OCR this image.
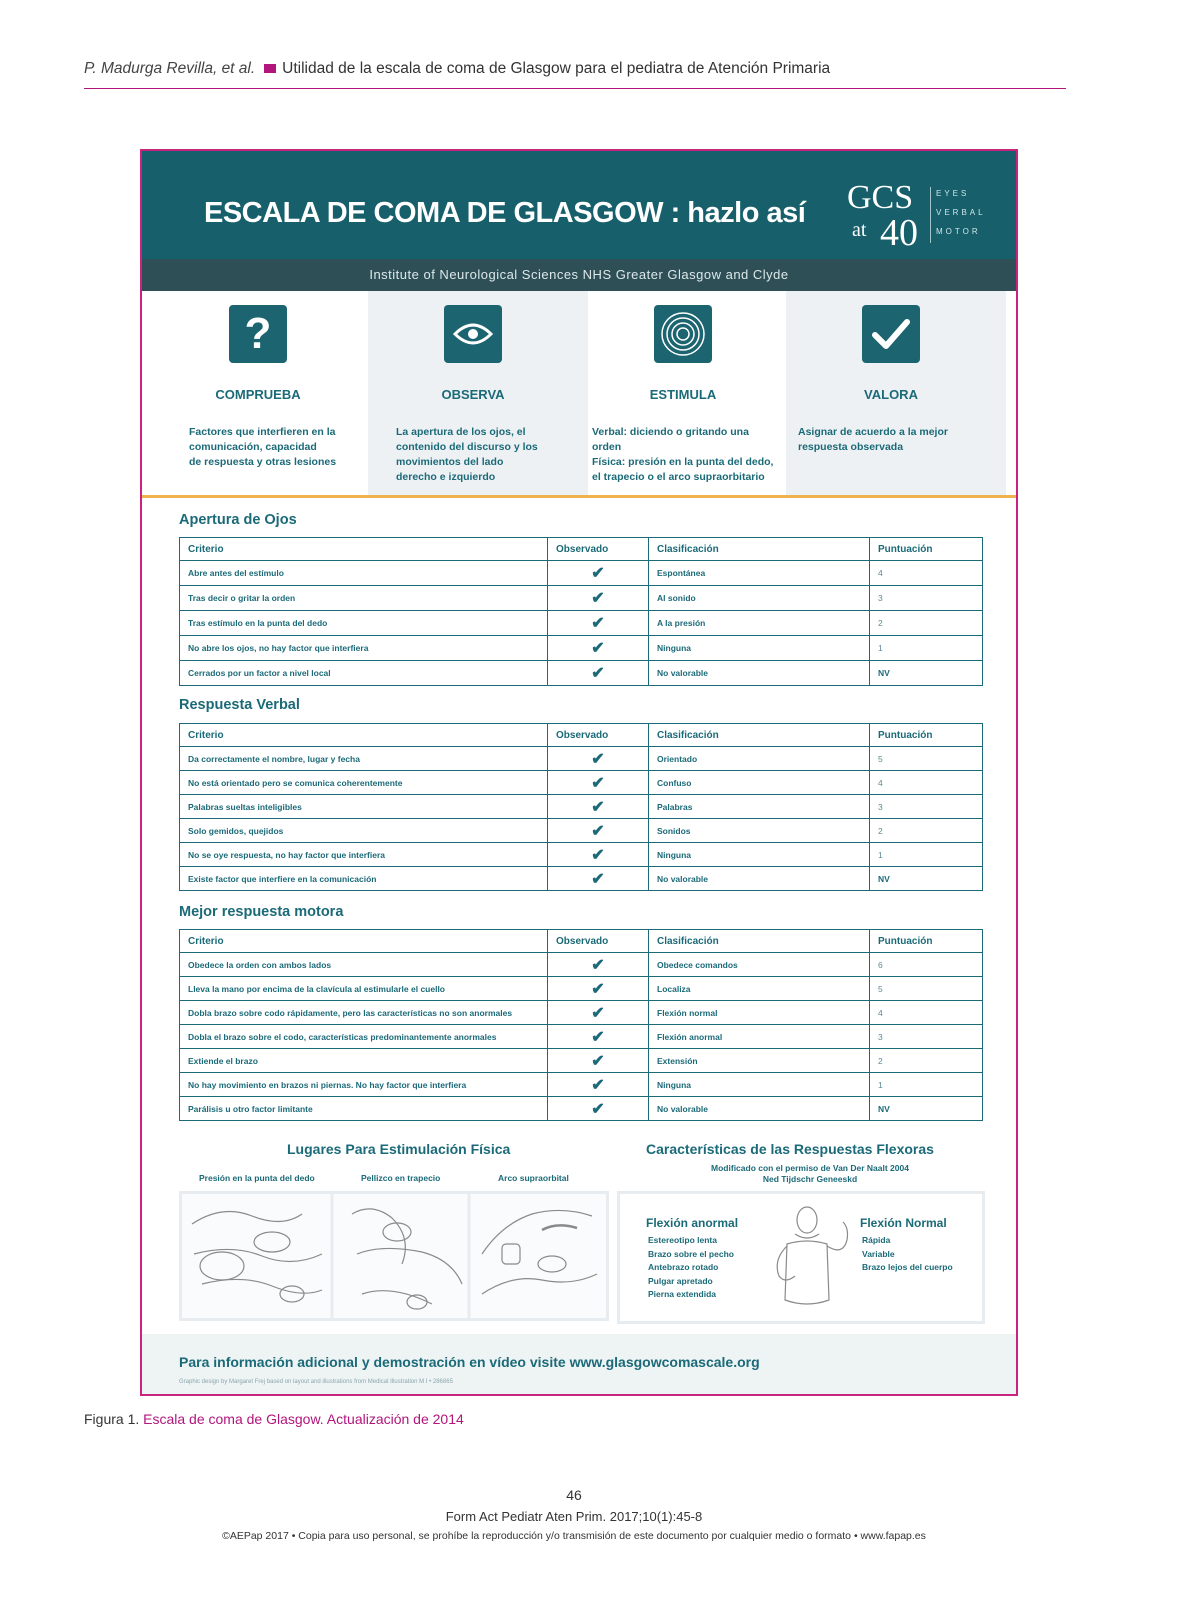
P. Madurga Revilla, et al. Utilidad de la escala de coma de Glasgow para el pediatra de Atención Primaria
ESCALA DE COMA DE GLASGOW : hazlo así GCS
at 40
EYES
VERBAL
MOTOR
Institute of Neurological Sciences NHS Greater Glasgow and Clyde
?
COMPRUEBA	OBSERVA	ESTIMULA	VALORA
Factores que interfieren en la
comunicación, capacidad
de respuesta y otras lesiones
La apertura de los ojos, el
contenido del discurso y los
movimientos del lado
derecho e izquierdo
Verbal: diciendo o gritando una
orden
Física: presión en la punta del dedo,
el trapecio o el arco supraorbitario
Asignar de acuerdo a la mejor
respuesta observada
Apertura de Ojos
Criterio	Observado	Clasificación	Puntuación
Abre antes del estímulo	✔	Espontánea	4
Tras decir o gritar la orden	✔	Al sonido	3
Tras estímulo en la punta del dedo	✔	A la presión	2
No abre los ojos, no hay factor que interfiera	✔	Ninguna	1
Cerrados por un factor a nivel local	✔	No valorable	NV
Respuesta Verbal
Criterio	Observado	Clasificación	Puntuación
Da correctamente el nombre, lugar y fecha	✔	Orientado	5
No está orientado pero se comunica coherentemente	✔	Confuso	4
Palabras sueltas inteligibles	✔	Palabras	3
Solo gemidos, quejidos	✔	Sonidos	2
No se oye respuesta, no hay factor que interfiera	✔	Ninguna	1
Existe factor que interfiere en la comunicación	✔	No valorable	NV
Mejor respuesta motora
Criterio	Observado	Clasificación	Puntuación
Obedece la orden con ambos lados	✔	Obedece comandos	6
Lleva la mano por encima de la clavícula al estimularle el cuello	✔	Localiza	5
Dobla brazo sobre codo rápidamente, pero las características no son anormales	✔	Flexión normal	4
Dobla el brazo sobre el codo, características predominantemente anormales	✔	Flexión anormal	3
Extiende el brazo	✔	Extensión	2
No hay movimiento en brazos ni piernas. No hay factor que interfiera	✔	Ninguna	1
Parálisis u otro factor limitante	✔	No valorable	NV
Lugares Para Estimulación Física
Presión en la punta del dedo	Pellizco en trapecio	Arco supraorbital
Características de las Respuestas Flexoras
Modificado con el permiso de Van Der Naalt 2004
Ned Tijdschr Geneeskd
Flexión anormal
Estereotipo lenta
Brazo sobre el pecho
Antebrazo rotado
Pulgar apretado
Pierna extendida
Flexión Normal
Rápida
Variable
Brazo lejos del cuerpo
Para información adicional y demostración en vídeo visite www.glasgowcomascale.org
Graphic design by Margaret Frej based on layout and illustrations from Medical Illustration M I • 286865
Figura 1. Escala de coma de Glasgow. Actualización de 2014
46
Form Act Pediatr Aten Prim. 2017;10(1):45-8
©AEPap 2017 • Copia para uso personal, se prohíbe la reproducción y/o transmisión de este documento por cualquier medio o formato • www.fapap.es
